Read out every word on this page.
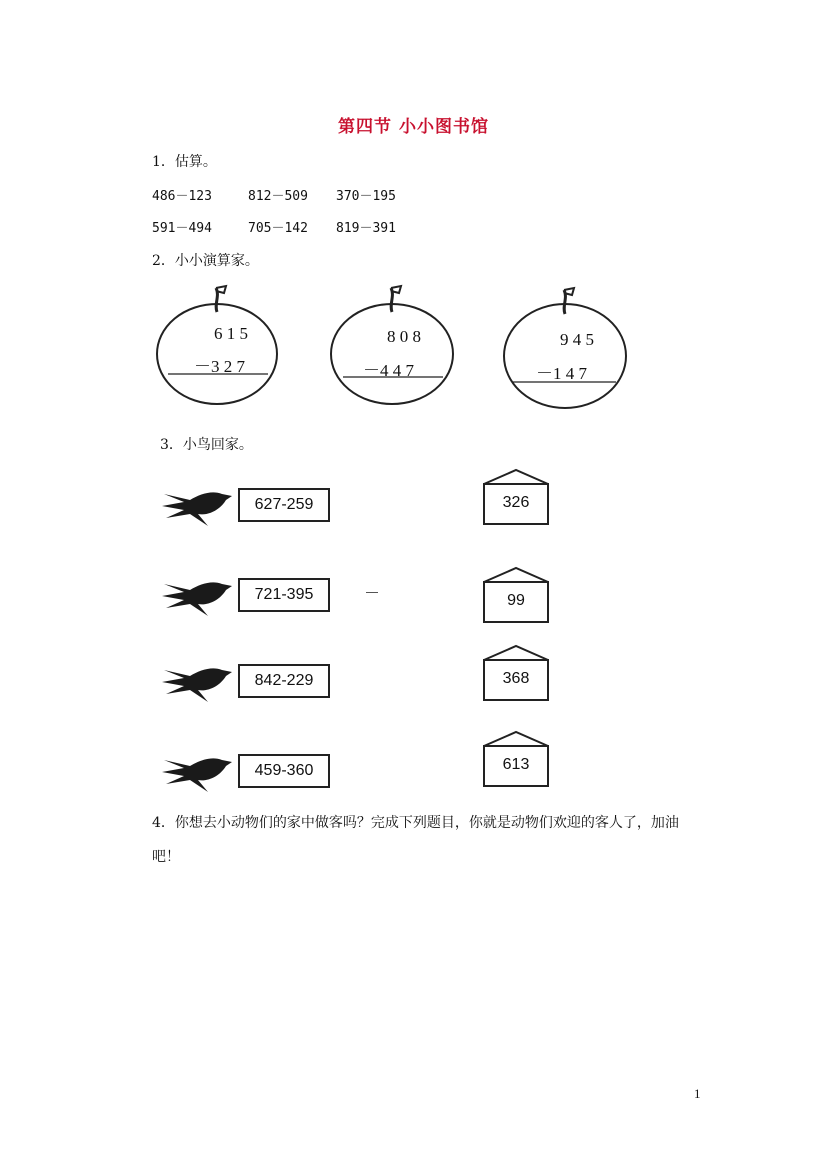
第四节 小小图书馆
1．估算。
486－123	812－509 370－195
591－494	705－142 819－391
2．小小演算家。
6 1 5
－3 2 7
8 0 8
－4 4 7
9 4 5
－1 4 7
3．小鸟回家。
627-259
721-395
842-229
459-360
326
99
368
613
4．你想去小动物们的家中做客吗？完成下列题目，你就是动物们欢迎的客人了，加油
吧！
1
